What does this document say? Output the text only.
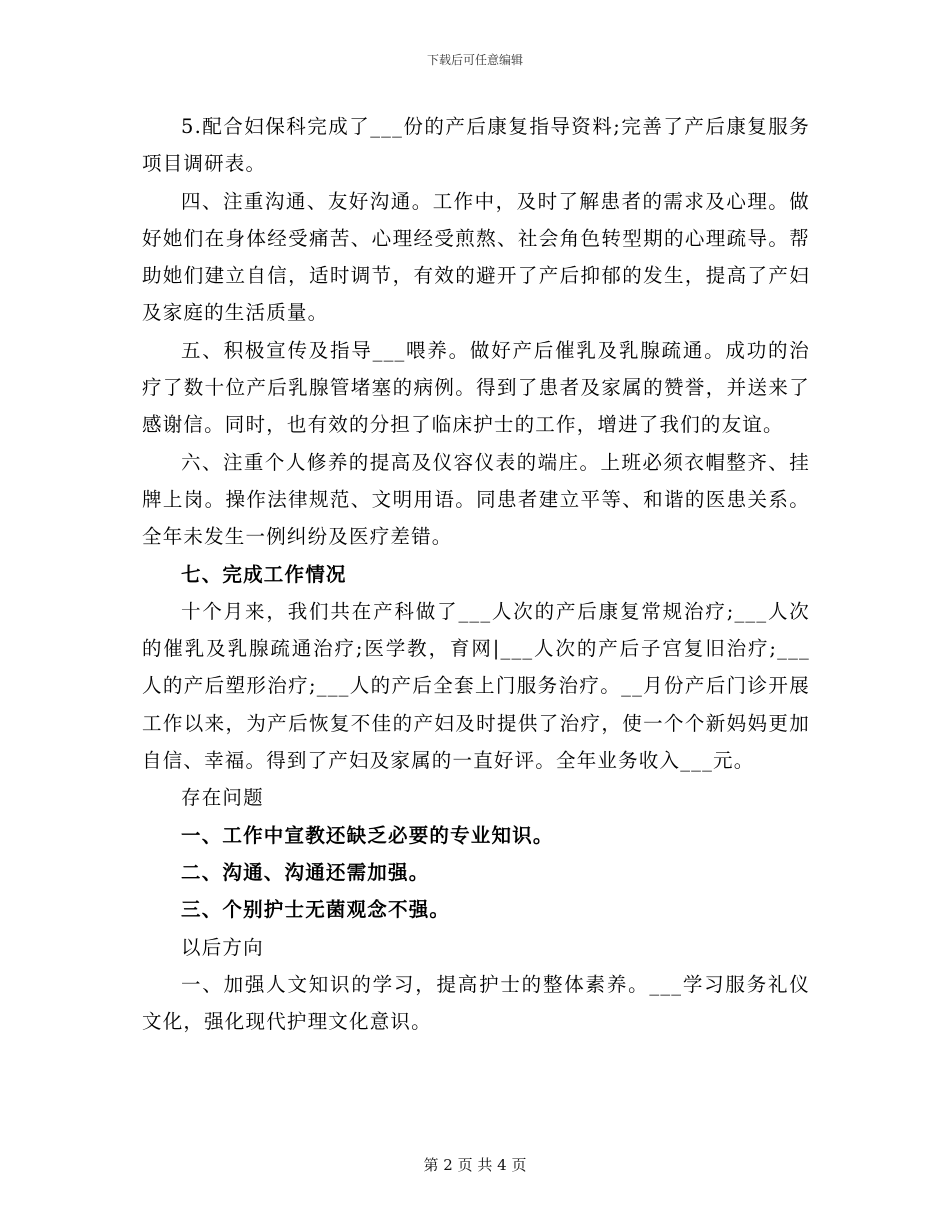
下载后可任意编辑

5.配合妇保科完成了___份的产后康复指导资料;完善了产后康复服务项目调研表。

四、注重沟通、友好沟通。工作中，及时了解患者的需求及心理。做好她们在身体经受痛苦、心理经受煎熬、社会角色转型期的心理疏导。帮助她们建立自信，适时调节，有效的避开了产后抑郁的发生，提高了产妇及家庭的生活质量。

五、积极宣传及指导___喂养。做好产后催乳及乳腺疏通。成功的治疗了数十位产后乳腺管堵塞的病例。得到了患者及家属的赞誉，并送来了感谢信。同时，也有效的分担了临床护士的工作，增进了我们的友谊。

六、注重个人修养的提高及仪容仪表的端庄。上班必须衣帽整齐、挂牌上岗。操作法律规范、文明用语。同患者建立平等、和谐的医患关系。全年未发生一例纠纷及医疗差错。

七、完成工作情况

十个月来，我们共在产科做了___人次的产后康复常规治疗;___人次的催乳及乳腺疏通治疗;医学教，育网|___人次的产后子宫复旧治疗;___人的产后塑形治疗;___人的产后全套上门服务治疗。__月份产后门诊开展工作以来，为产后恢复不佳的产妇及时提供了治疗，使一个个新妈妈更加自信、幸福。得到了产妇及家属的一直好评。全年业务收入___元。

存在问题

一、工作中宣教还缺乏必要的专业知识。

二、沟通、沟通还需加强。

三、个别护士无菌观念不强。

以后方向

一、加强人文知识的学习，提高护士的整体素养。___学习服务礼仪文化，强化现代护理文化意识。

第 2 页 共 4 页
